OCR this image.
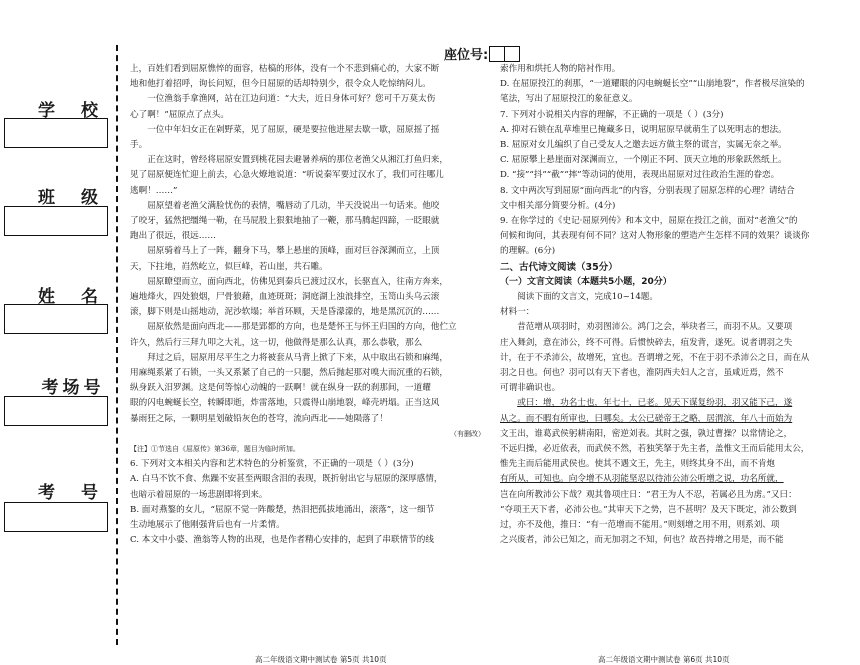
学 校
班 级
姓 名
考场号
考 号
座位号:

上，百姓们看到屈原憔悴的面容，枯槁的形体，没有一个不悲到痛心的，大家不断

地和他打着招呼，询长问短，但今日屈原的话却特别少，很令众人吃惊纳闷儿。

一位渔翁手拿渔网，站在江边问道：“大夫，近日身体可好？您可千万莫太伤

心了啊！”屈原点了点头。

一位中年妇女正在剁野菜，见了屈原，硬是要拉他进屋去歇一歇，屈原摇了摇

手。

正在这时，曾经将屈原安置到桃花园去避暑养病的那位老渔父从湘江打鱼归来，

见了屈原便连忙迎上前去，心急火燎地说道：“听说秦军要过汉水了，我们可往哪儿

逃啊！……”

屈原望着老渔父满脸忧伤的表情，嘴唇动了几动，半天没说出一句话来。他咬

了咬牙，猛然把缰绳一勒，在马屁股上狠狠地抽了一鞭，那马腾起四蹄，一眨眼就

跑出了很远，很远……

屈原骑着马上了一阵，翻身下马，攀上悬崖的顶峰，面对巨谷深渊而立，上顶

天，下拄地，岿然屹立，似巨峰，若山崖，共石雕。

屈原瞭望而立，面向西北，仿佛见到秦兵已渡过汉水，长驱直入，往南方奔来，

遍地烽火，四处狼烟，尸骨狼藉，血迹斑斑；洞庭湖上浊浪排空，玉笥山头乌云滚

滚，脚下则是山摇地动，泥沙软塌；举首环顾，天是昏濛濛的，地是黑沉沉的……

屈原依然是面向西北——那是郢都的方向，也是楚怀王与怀王归国的方向，他伫立

许久，然后行三拜九叩之大礼，这一切，他做得是那么认真，那么恭敬，那么

拜过之后，屈原用尽平生之力将被套从马背上掀了下来，从中取出石锁和麻绳，

用麻绳系紧了石锁，一头又系紧了自己的一只腿，然后抛起那对嗅大而沉重的石锁，

纵身跃入汨罗渊。这是何等惊心动魄的一跃啊！就在纵身一跃的刹那间，一道耀

眼的闪电蜿蜒长空，转瞬即逝，炸雷落地，只震得山崩地裂，峰壳坍塌。正当这风

暴雨狂之际，一颗明星划破铅灰色的苍穹，流向西北——她陨落了！

（有删改）

【注】①节选自《屈原传》第36章，题目为临时所加。

6. 下列对文本相关内容和艺术特色的分析鉴赏，不正确的一项是（ ）(3分)

A. 白马不饮不食、焦躁不安甚至两眼含泪的表现，既折射出它与屈原的深厚感情，

也暗示着屈原的一场悲剧即将到来。

B. 面对燕鏊的女儿，“屈原不觉一阵酸楚，热泪把孤拔地涌出，滚落”，这一细节

生动地展示了他刚强背后也有一片柔情。

C. 本文中小婆、渔翁等人物的出现，也是作者精心安排的，起到了串联情节的线

高二年级语文期中测试卷 第5页 共10页

索作用和烘托人物的陪衬作用。

D. 在屈原投江的刹那，“一道耀眼的闪电蜿蜒长空”“山崩地裂”，作者极尽渲染的

笔法，写出了屈原投江的象征意义。

7. 下列对小说相关内容的理解，不正确的一项是（ ）(3分)

A. 抑对石锁在乱草堆里已掩藏多日，说明屈原早就萌生了以死明志的想法。

B. 屈原对女儿编织了自己受友人之邀去远方做主祭的谎言，实属无奈之举。

C. 屈原攀上悬崖面对深渊而立，一个刚正不阿、顶天立地的形象跃然纸上。

D. “接”“抖”“截”“摔”等动词的使用，表现出屈原对过往政治生涯的眷恋。

8. 文中两次写到屈原“面向西北”的内容，分别表现了屈原怎样的心理？请结合

文中相关部分简要分析。(4分)

9. 在你学过的《史记·屈原列传》和本文中，屈原在投江之前，面对“老渔父”的

何候和询问，其表现有何不同？这对人物形象的塑造产生怎样不同的效果？谈谈你

的理解。(6分)

二、古代诗文阅读（35分）

（一）文言文阅读（本题共5小题，20分）

阅读下面的文言文，完成10~14题。

材料一：

昔范增从项羽时，劝羽图沛公。鸿门之会，举玦者三，而羽不从。又要项

庄入舞剑，意在沛公，终不可得。后惯怏碎去，疽发背，遂死。说者谓羽之失

计，在于不杀沛公，故增死，宜也。吾谓增之死，不在于羽不杀沛公之日，而在从

羽之日也。何也？羽可以有天下者也，淮阴西夫妇人之言，虽咸近焉，然不

可谓非确识也。

或曰：增，功名士也，年七十，已老。见天下谋复纷羽，羽又能下己，遂

从之。而不暇有所审也，曰哪矣。太公已磋帝王之略，居渭滨，年八十而始为

文王出，谁葛武侯躬耕南阳，密逆刘表。其时之强，孰过曹操？以常情论之，

不远归操，必近依表，而武侯不然，若独笑拏于先主者，盖惟文王而后能用太公，

惟先主而后能用武侯也。使其不遇文王，先主，则终其身不出，而不肯炮

有所从，可知也。向令增不从羽能坚忍以待沛公沛公听增之说，功名所就，

岂在向所教沛公下哉？观其鲁项庄日：“君王为人不忍，若属必且为虏。”又曰：

“夺项王天下者，必沛公也。”其审天下之势，岂不甚明？及天下既定，沛公数到

过，亦不及他，推曰：“有一范增而不能用。”则刻增之用不用，则系刘、项

之兴废者，沛公已知之，而无加羽之不知，何也？故吾持增之用是，而不能

高二年级语文期中测试卷 第6页 共10页
